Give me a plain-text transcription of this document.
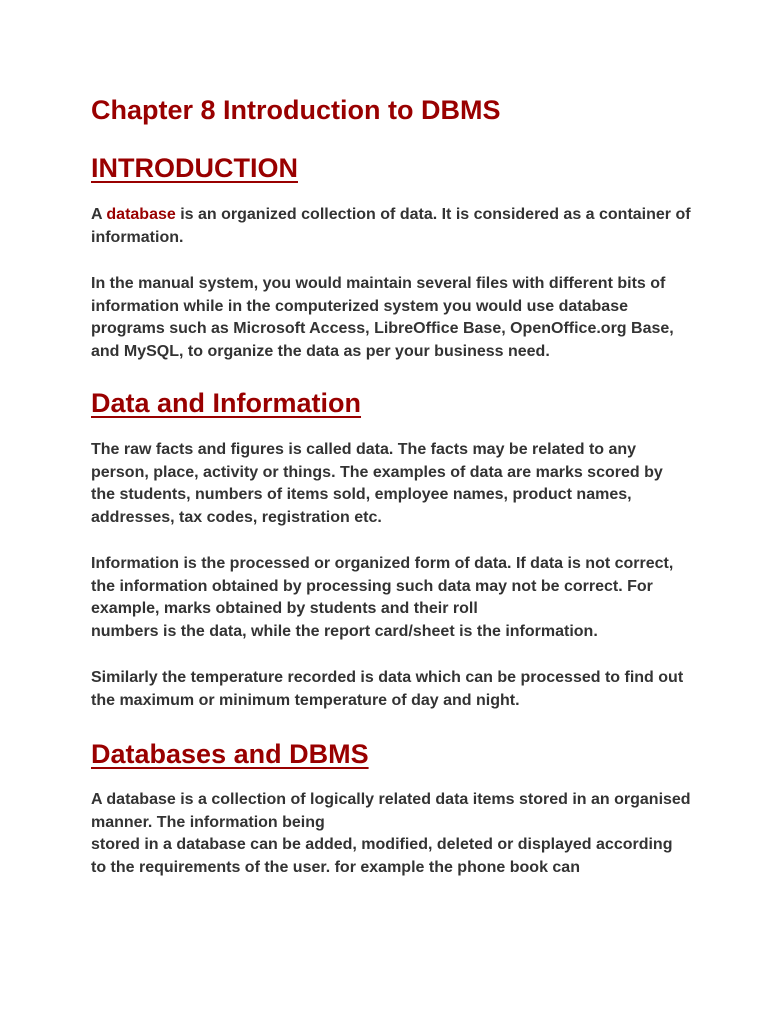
Chapter 8 Introduction to DBMS
INTRODUCTION

A database is an organized collection of data. It is considered as a container of information.

In the manual system, you would maintain several files with different bits of information while in the computerized system you would use database programs such as Microsoft Access, LibreOffice Base, OpenOffice.org Base, and MySQL, to organize the data as per your business need.

Data and Information

The raw facts and figures is called data. The facts may be related to any person, place, activity or things. The examples of data are marks scored by the students, numbers of items sold, employee names, product names, addresses, tax codes, registration etc.

Information is the processed or organized form of data. If data is not correct, the information obtained by processing such data may not be correct. For example, marks obtained by students and their roll
numbers is the data, while the report card/sheet is the information.

Similarly the temperature recorded is data which can be processed to find out the maximum or minimum temperature of day and night.

Databases and DBMS

A database is a collection of logically related data items stored in an organised manner. The information being
stored in a database can be added, modified, deleted or displayed according to the requirements of the user. for example the phone book can
